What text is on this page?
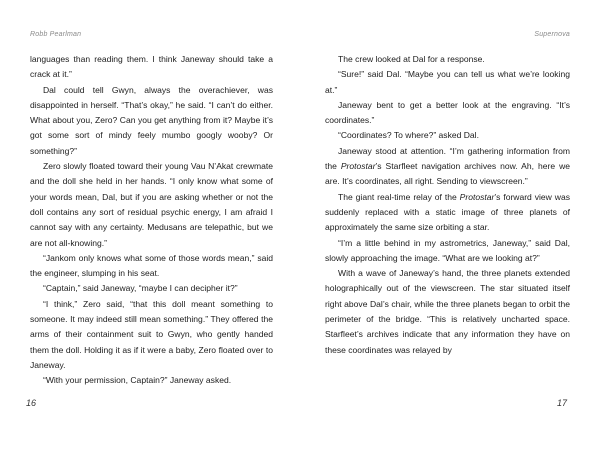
Robb Pearlman

languages than reading them. I think Janeway should take a crack at it.”

Dal could tell Gwyn, always the overachiever, was disappointed in herself. “That’s okay,” he said. “I can’t do either. What about you, Zero? Can you get anything from it? Maybe it’s got some sort of mindy feely mumbo googly wooby? Or something?”

Zero slowly floated toward their young Vau N’Akat crewmate and the doll she held in her hands. “I only know what some of your words mean, Dal, but if you are asking whether or not the doll contains any sort of residual psychic energy, I am afraid I cannot say with any certainty. Medusans are telepathic, but we are not all-knowing.”

“Jankom only knows what some of those words mean,” said the engineer, slumping in his seat.

“Captain,” said Janeway, “maybe I can decipher it?”

“I think,” Zero said, “that this doll meant something to someone. It may indeed still mean something.” They offered the arms of their containment suit to Gwyn, who gently handed them the doll. Holding it as if it were a baby, Zero floated over to Janeway.

“With your permission, Captain?” Janeway asked.

16
Supernova

The crew looked at Dal for a response.

“Sure!” said Dal. “Maybe you can tell us what we’re looking at.”

Janeway bent to get a better look at the engraving. “It’s coordinates.”

“Coordinates? To where?” asked Dal.

Janeway stood at attention. “I’m gathering information from the Protostar’s Starfleet navigation archives now. Ah, here we are. It’s coordinates, all right. Sending to viewscreen.”

The giant real-time relay of the Protostar’s forward view was suddenly replaced with a static image of three planets of approximately the same size orbiting a star.

“I’m a little behind in my astrometrics, Janeway,” said Dal, slowly approaching the image. “What are we looking at?”

With a wave of Janeway’s hand, the three planets extended holographically out of the viewscreen. The star situated itself right above Dal’s chair, while the three planets began to orbit the perimeter of the bridge. “This is relatively uncharted space. Starfleet’s archives indicate that any information they have on these coordinates was relayed by

17
